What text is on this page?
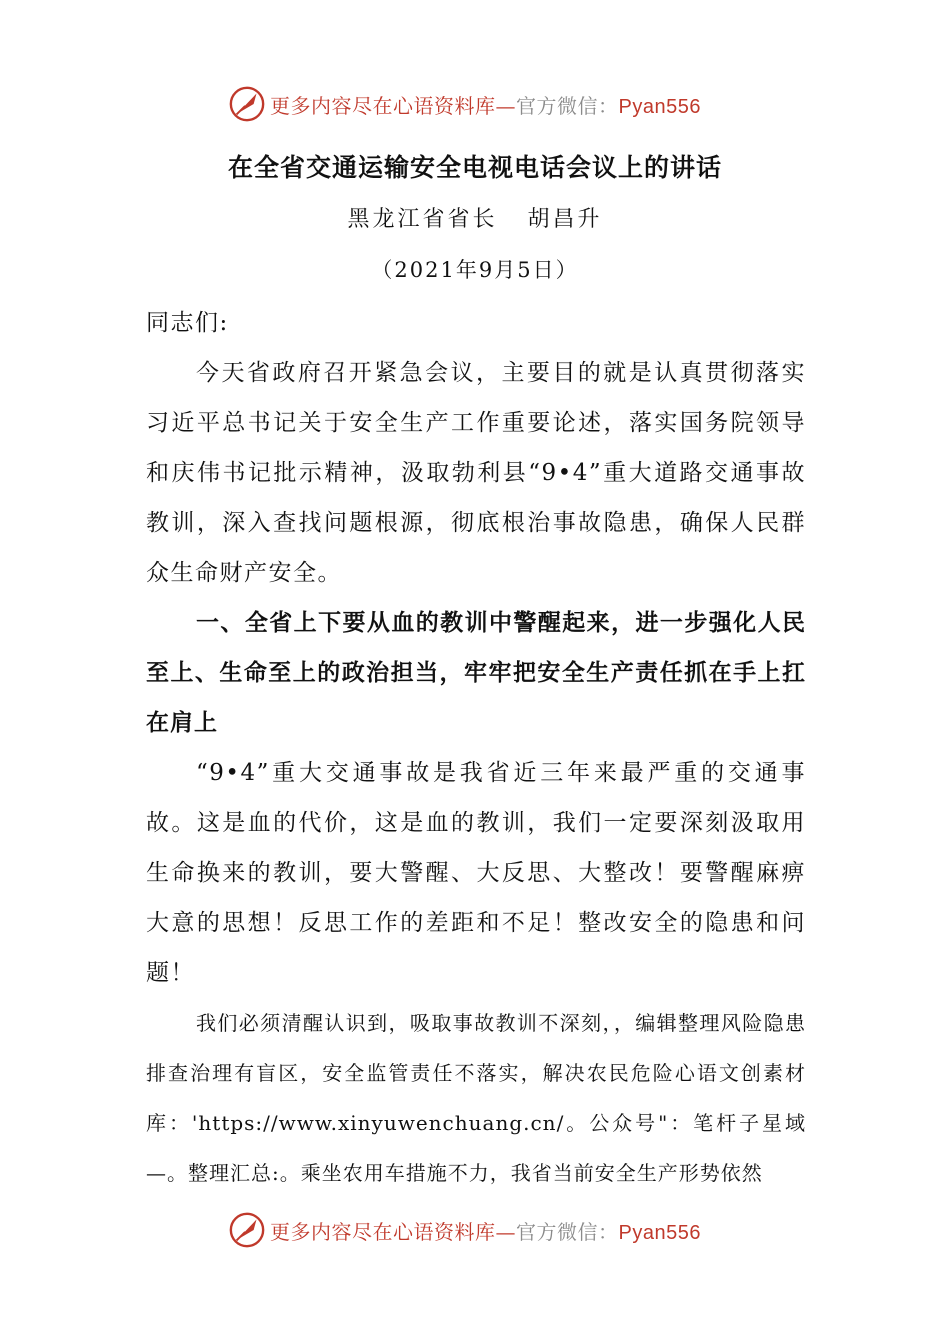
更多内容尽在心语资料库—官方微信：Pyan556
在全省交通运输安全电视电话会议上的讲话
黑龙江省省长   胡昌升
（2021年9月5日）

同志们:

今天省政府召开紧急会议，主要目的就是认真贯彻落实习近平总书记关于安全生产工作重要论述，落实国务院领导和庆伟书记批示精神，汲取勃利县“9•4”重大道路交通事故教训，深入查找问题根源，彻底根治事故隐患，确保人民群众生命财产安全。

一、全省上下要从血的教训中警醒起来，进一步强化人民至上、生命至上的政治担当，牢牢把安全生产责任抓在手上扛在肩上

“9•4”重大交通事故是我省近三年来最严重的交通事故。这是血的代价，这是血的教训，我们一定要深刻汲取用生命换来的教训，要大警醒、大反思、大整改！要警醒麻痹大意的思想！反思工作的差距和不足！整改安全的隐患和问题！

我们必须清醒认识到，吸取事故教训不深刻，，编辑整理风险隐患排查治理有盲区，安全监管责任不落实，解决农民危险心语文创素材库：'https://www.xinyuwenchuang.cn/。公众号"：笔杆子星域—。整理汇总:。乘坐农用车措施不力，我省当前安全生产形势依然

更多内容尽在心语资料库—官方微信：Pyan556
